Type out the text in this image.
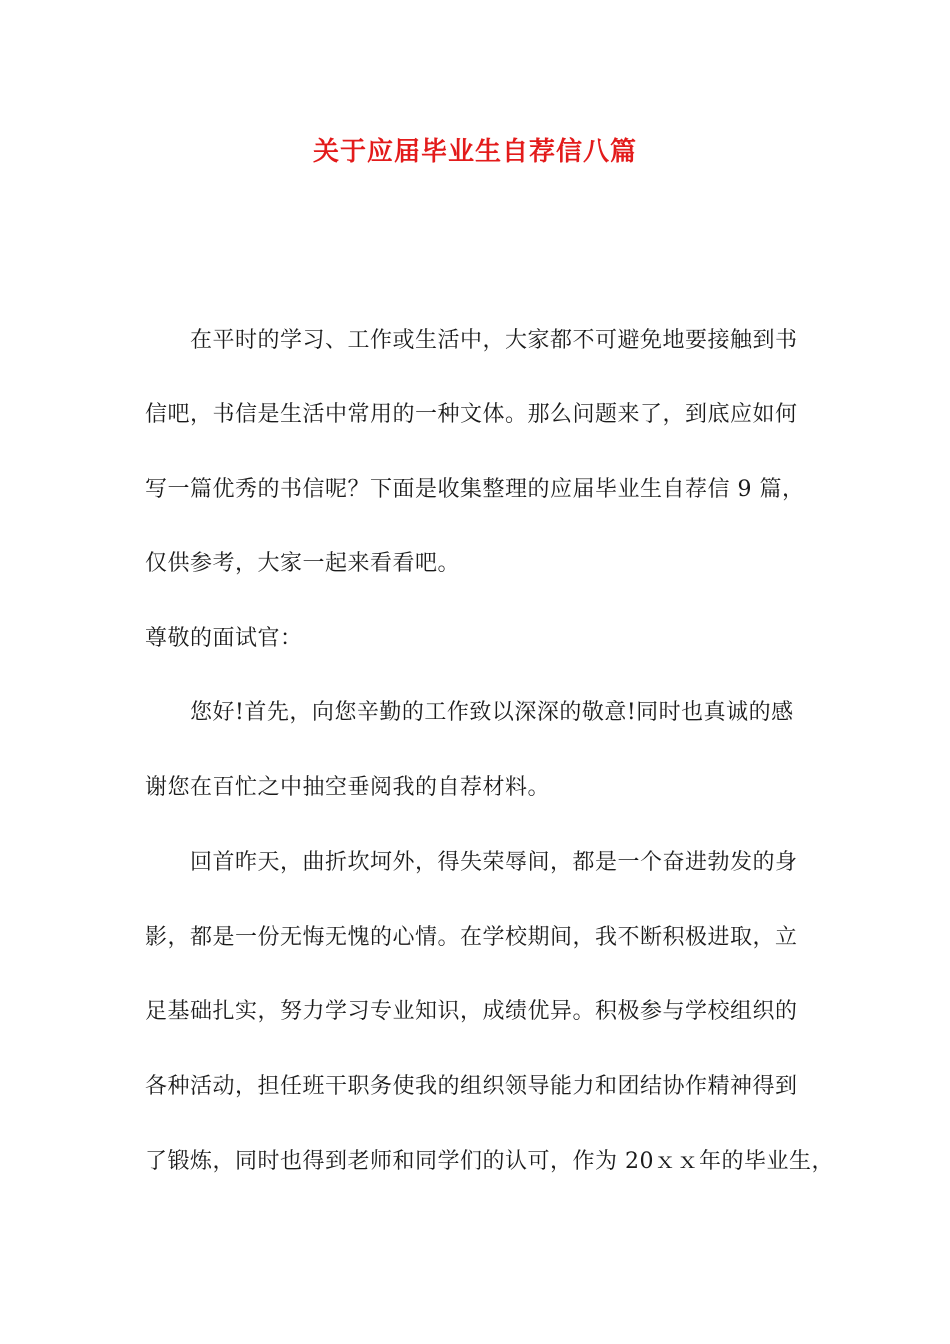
关于应届毕业生自荐信八篇
在平时的学习、工作或生活中，大家都不可避免地要接触到书
信吧，书信是生活中常用的一种文体。那么问题来了，到底应如何
写一篇优秀的书信呢？下面是收集整理的应届毕业生自荐信 9 篇，
仅供参考，大家一起来看看吧。
尊敬的面试官：
您好!首先，向您辛勤的工作致以深深的敬意!同时也真诚的感
谢您在百忙之中抽空垂阅我的自荐材料。
回首昨天，曲折坎坷外，得失荣辱间，都是一个奋进勃发的身
影，都是一份无悔无愧的心情。在学校期间，我不断积极进取，立
足基础扎实，努力学习专业知识，成绩优异。积极参与学校组织的
各种活动，担任班干职务使我的组织领导能力和团结协作精神得到
了锻炼，同时也得到老师和同学们的认可，作为 20ｘｘ年的毕业生，
